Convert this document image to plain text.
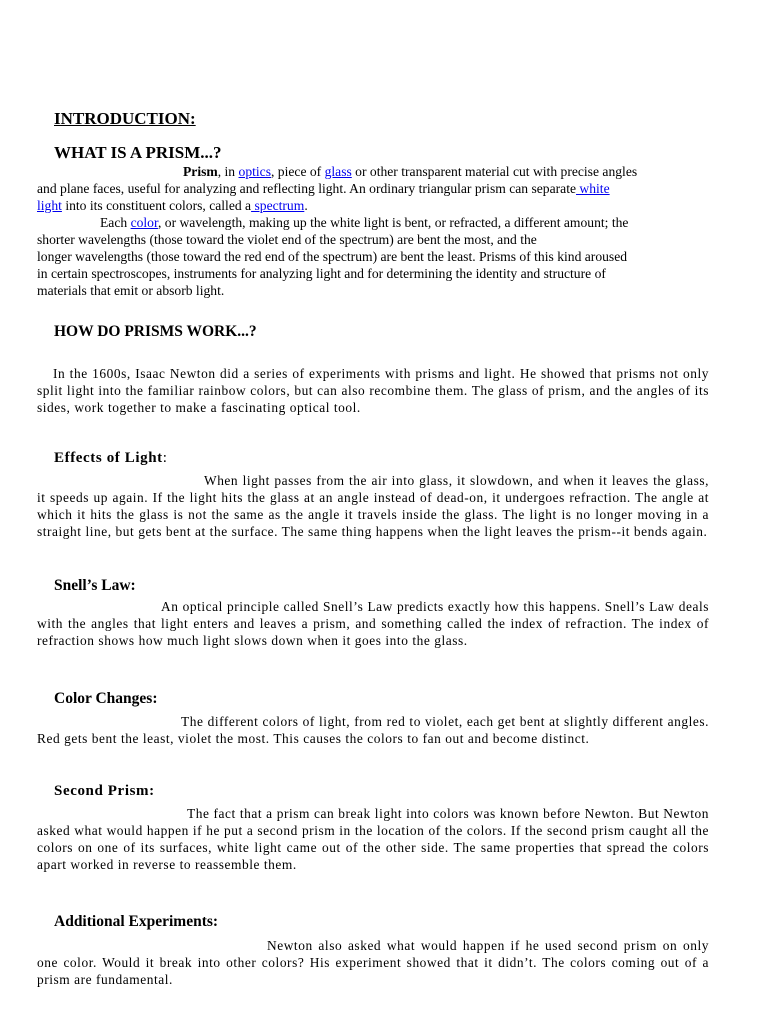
INTRODUCTION:
WHAT IS A PRISM...?
Prism, in optics, piece of glass or other transparent material cut with precise angles
and plane faces, useful for analyzing and reflecting light. An ordinary triangular prism can separate white
light into its constituent colors, called a spectrum.
Each color, or wavelength, making up the white light is bent, or refracted, a different amount; the
shorter wavelengths (those toward the violet end of the spectrum) are bent the most, and the
longer wavelengths (those toward the red end of the spectrum) are bent the least. Prisms of this kind aroused
in certain spectroscopes, instruments for analyzing light and for determining the identity and structure of
materials that emit or absorb light.
HOW DO PRISMS WORK...?
In the 1600s, Isaac Newton did a series of experiments with prisms and light. He showed that prisms not only split light into the familiar rainbow colors, but can also recombine them. The glass of prism, and the angles of its sides, work together to make a fascinating optical tool.
Effects of Light:
When light passes from the air into glass, it slowdown, and when it leaves the glass, it speeds up again. If the light hits the glass at an angle instead of dead-on, it undergoes refraction. The angle at which it hits the glass is not the same as the angle it travels inside the glass. The light is no longer moving in a straight line, but gets bent at the surface. The same thing happens when the light leaves the prism--it bends again.
Snell’s Law:
An optical principle called Snell’s Law predicts exactly how this happens. Snell’s Law deals with the angles that light enters and leaves a prism, and something called the index of refraction. The index of refraction shows how much light slows down when it goes into the glass.
Color Changes:
The different colors of light, from red to violet, each get bent at slightly different angles. Red gets bent the least, violet the most. This causes the colors to fan out and become distinct.
Second Prism:
The fact that a prism can break light into colors was known before Newton. But Newton asked what would happen if he put a second prism in the location of the colors. If the second prism caught all the colors on one of its surfaces, white light came out of the other side. The same properties that spread the colors apart worked in reverse to reassemble them.
Additional Experiments:
Newton also asked what would happen if he used second prism on only one color. Would it break into other colors? His experiment showed that it didn’t. The colors coming out of a prism are fundamental.
